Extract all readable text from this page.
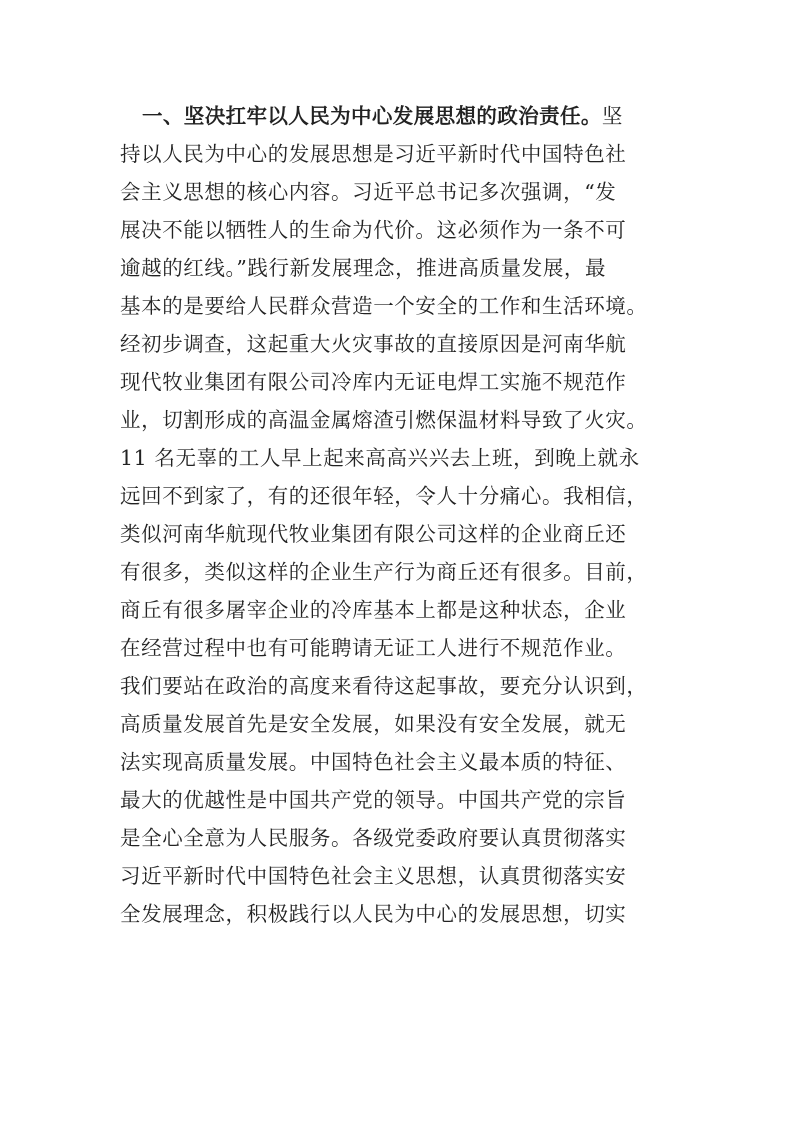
一、坚决扛牢以人民为中心发展思想的政治责任。坚
持以人民为中心的发展思想是习近平新时代中国特色社
会主义思想的核心内容。习近平总书记多次强调，“发
展决不能以牺牲人的生命为代价。这必须作为一条不可
逾越的红线。”践行新发展理念，推进高质量发展，最
基本的是要给人民群众营造一个安全的工作和生活环境。
经初步调查，这起重大火灾事故的直接原因是河南华航
现代牧业集团有限公司冷库内无证电焊工实施不规范作
业，切割形成的高温金属熔渣引燃保温材料导致了火灾。
11 名无辜的工人早上起来高高兴兴去上班，到晚上就永
远回不到家了，有的还很年轻，令人十分痛心。我相信，
类似河南华航现代牧业集团有限公司这样的企业商丘还
有很多，类似这样的企业生产行为商丘还有很多。目前，
商丘有很多屠宰企业的冷库基本上都是这种状态，企业
在经营过程中也有可能聘请无证工人进行不规范作业。
我们要站在政治的高度来看待这起事故，要充分认识到，
高质量发展首先是安全发展，如果没有安全发展，就无
法实现高质量发展。中国特色社会主义最本质的特征、
最大的优越性是中国共产党的领导。中国共产党的宗旨
是全心全意为人民服务。各级党委政府要认真贯彻落实
习近平新时代中国特色社会主义思想，认真贯彻落实安
全发展理念，积极践行以人民为中心的发展思想，切实
